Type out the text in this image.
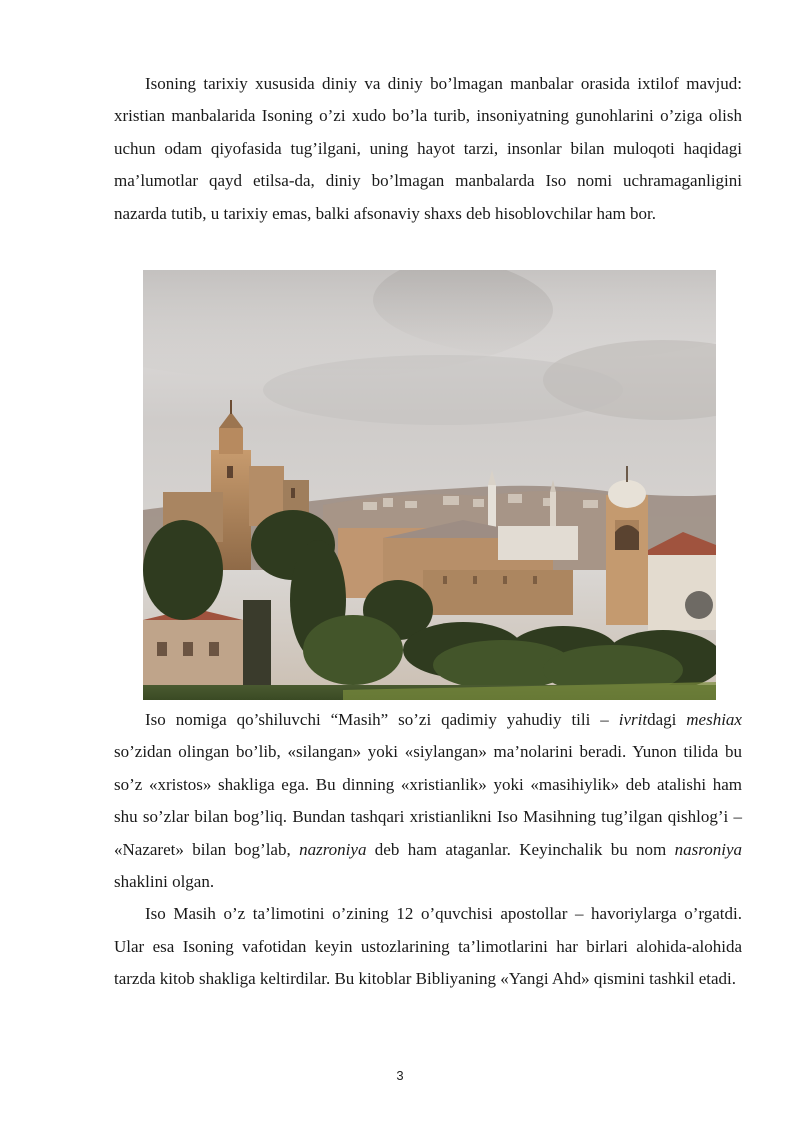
Isoning tarixiy xususida diniy va diniy bo’lmagan manbalar orasida ixtilof mavjud: xristian manbalarida Isoning o’zi xudo bo’la turib, insoniyatning gunohlarini o’ziga olish uchun odam qiyofasida tug’ilgani, uning hayot tarzi, insonlar bilan muloqoti haqidagi ma’lumotlar qayd etilsa-da, diniy bo’lmagan manbalarda Iso nomi uchramaganligini nazarda tutib, u tarixiy emas, balki afsonaviy shaxs deb hisoblovchilar ham bor.

Iso nomiga qo’shiluvchi “Masih” so’zi qadimiy yahudiy tili – ivritdagi meshiax so’zidan olingan bo’lib, «silangan» yoki «siylangan» ma’nolarini beradi. Yunon tilida bu so’z «xristos» shakliga ega. Bu dinning «xristianlik» yoki «masihiylik» deb atalishi ham shu so’zlar bilan bog’liq. Bundan tashqari xristianlikni Iso Masihning tug’ilgan qishlog’i – «Nazaret» bilan bog’lab, nazroniya deb ham ataganlar. Keyinchalik bu nom nasroniya shaklini olgan.

Iso Masih o’z ta’limotini o’zining 12 o’quvchisi apostollar – havoriylarga o’rgatdi. Ular esa Isoning vafotidan keyin ustozlarining ta’limotlarini har birlari alohida-alohida tarzda kitob shakliga keltirdilar. Bu kitoblar Bibliyaning «Yangi Ahd» qismini tashkil etadi.

3
